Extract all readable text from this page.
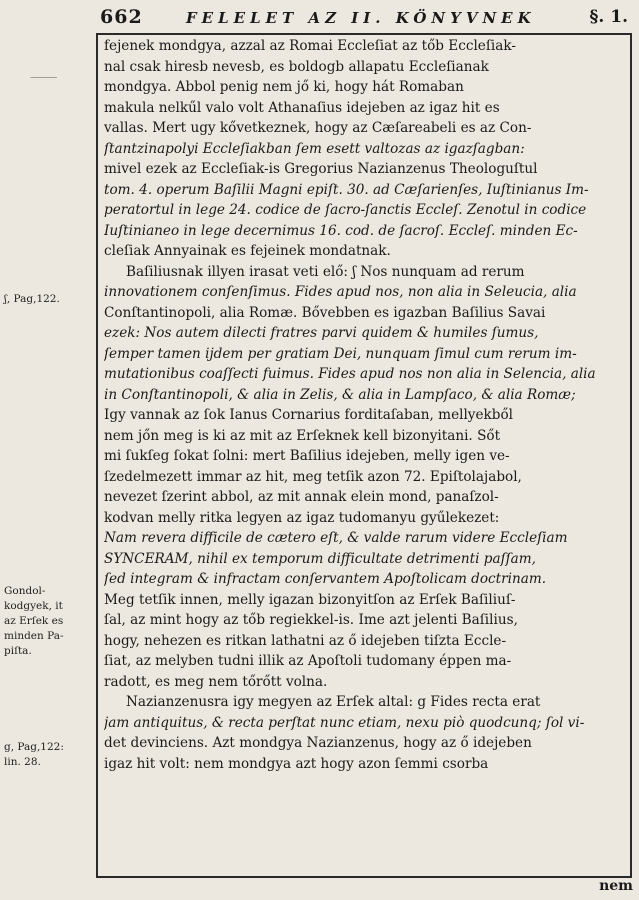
662	FELELET AZ II. KÖNYVNEK	§. 1.
⸻
ʃ, Pag,122.
Gondol-
kodgyek, it
az Erſek es
minden Pa-
piſta.
g, Pag,122:
lin. 28.
fejenek mondgya, azzal az Romai Eccleſiat az tőb Eccleſiak-
nal csak hiresb nevesb, es boldogb allapatu Eccleſianak
mondgya. Abbol penig nem jő ki, hogy hát Romaban
makula nelkűl valo volt Athanaſius idejeben az igaz hit es
vallas. Mert ugy kővetkeznek, hogy az Cæſareabeli es az Con-
ſtantzinapolyi Eccleſiakban ſem esett valtozas az igazſagban:
mivel ezek az Eccleſiak-is Gregorius Nazianzenus Theologuſtul
tom. 4. operum Baſilii Magni epiſt. 30. ad Cæſarienſes, Iuſtinianus Im-
peratortul in lege 24. codice de ſacro-ſanctis Eccleſ. Zenotul in codice
Iuſtinianeo in lege decernimus 16. cod. de ſacroſ. Eccleſ. minden Ec-
cleſiak Annyainak es fejeinek mondatnak.
Baſiliusnak illyen irasat veti elő: ʃ Nos nunquam ad rerum
innovationem conſenſimus. Fides apud nos, non alia in Seleucia, alia
Conſtantinopoli, alia Romæ. Bővebben es igazban Baſilius Savai
ezek: Nos autem dilecti fratres parvi quidem & humiles ſumus,
ſemper tamen ijdem per gratiam Dei, nunquam ſimul cum rerum im-
mutationibus coaſſecti fuimus. Fides apud nos non alia in Selencia, alia
in Conſtantinopoli, & alia in Zelis, & alia in Lampſaco, & alia Romæ;
Igy vannak az ſok Ianus Cornarius forditaſaban, mellyekből
nem jőn meg is ki az mit az Erſeknek kell bizonyitani. Sőt
mi ſukſeg ſokat ſolni: mert Baſilius idejeben, melly igen ve-
ſzedelmezett immar az hit, meg tetſik azon 72. Epiſtolajabol,
nevezet ſzerint abbol, az mit annak elein mond, panaſzol-
kodvan melly ritka legyen az igaz tudomanyu gyűlekezet:
Nam revera difficile de cætero eſt, & valde rarum videre Eccleſiam
SYNCERAM, nihil ex temporum difficultate detrimenti paſſam,
ſed integram & infractam conſervantem Apoſtolicam doctrinam.
Meg tetſik innen, melly igazan bizonyitſon az Erſek Baſiliuſ-
ſal, az mint hogy az tőb regiekkel-is. Ime azt jelenti Baſilius,
hogy, nehezen es ritkan lathatni az ő idejeben tiſzta Eccle-
ſiat, az melyben tudni illik az Apoſtoli tudomany éppen ma-
radott, es meg nem tőrőtt volna.
Nazianzenusra igy megyen az Erſek altal: g Fides recta erat
jam antiquitus, & recta perſtat nunc etiam, nexu piò quodcunq; ſol vi-
det devinciens. Azt mondgya Nazianzenus, hogy az ő idejeben
igaz hit volt: nem mondgya azt hogy azon ſemmi csorba
nem
